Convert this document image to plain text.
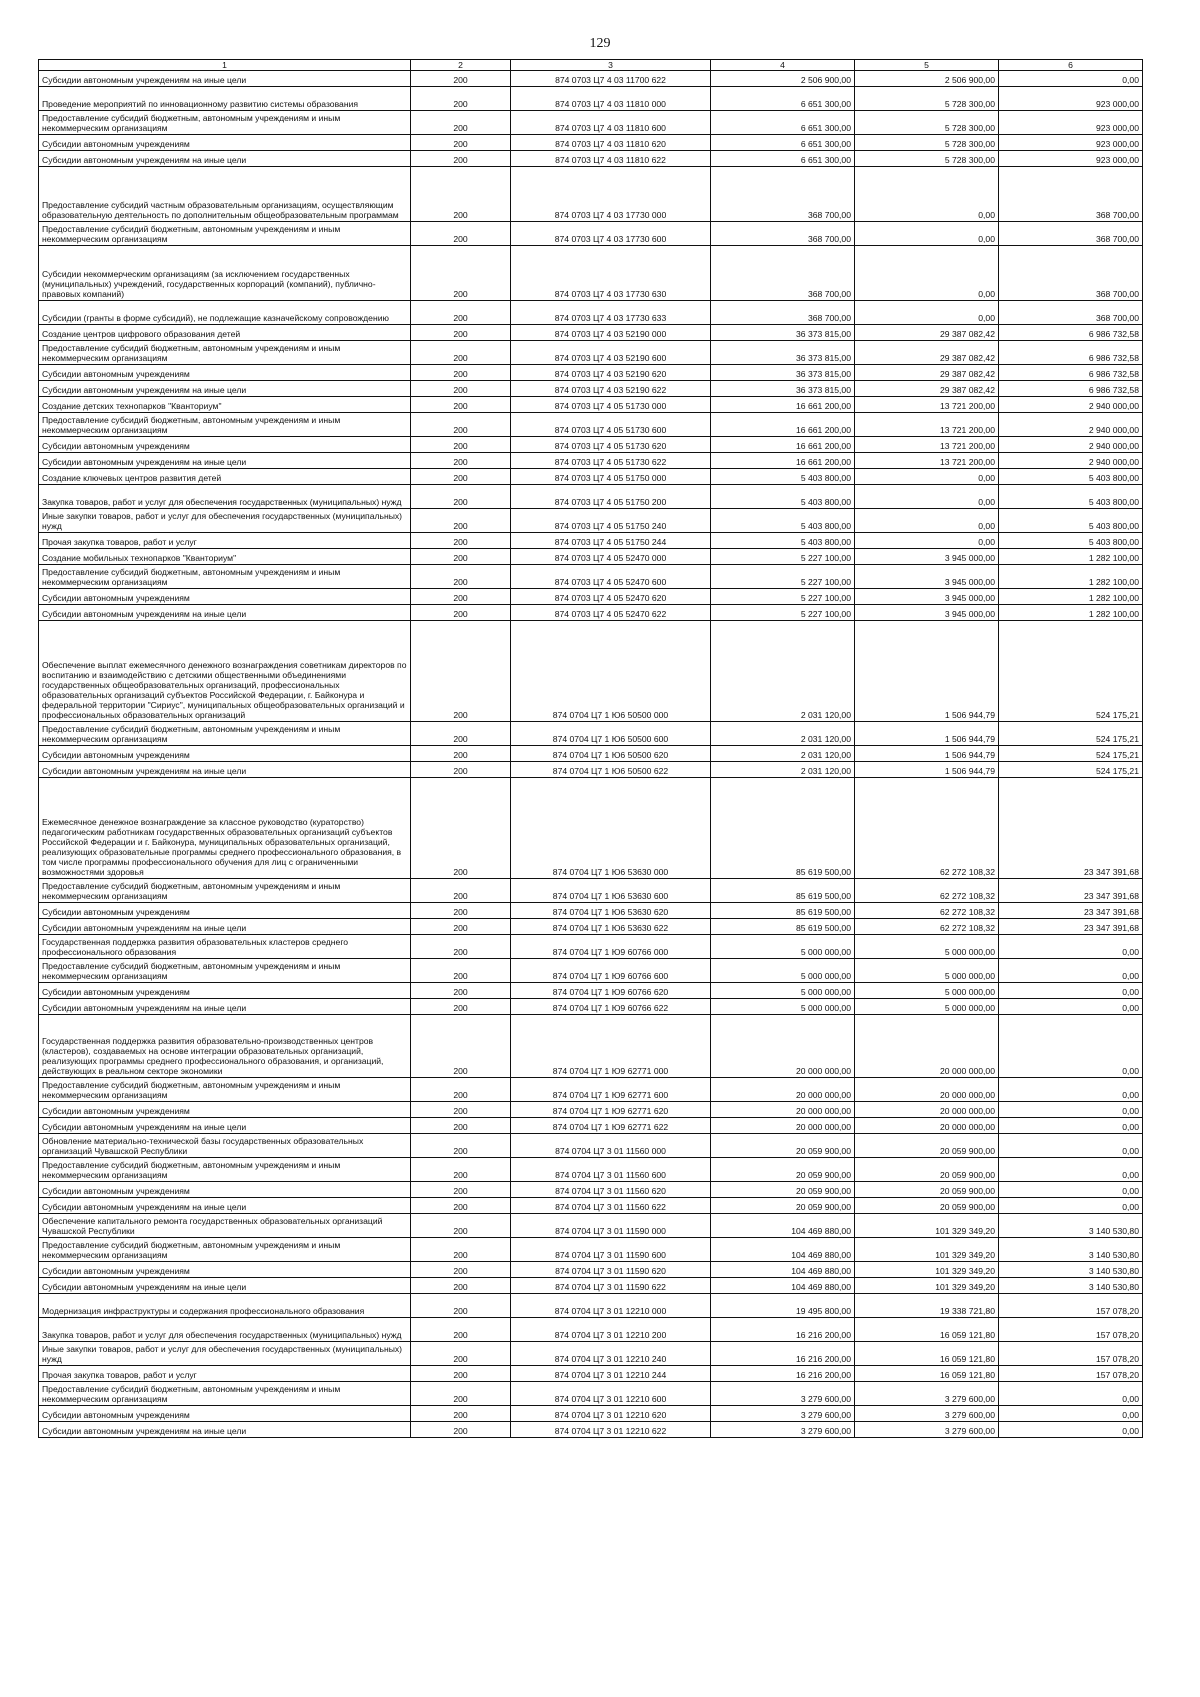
129
1	2	3	4	5	6
Субсидии автономным учреждениям на иные цели	200	874 0703 Ц7 4 03 11700 622	2 506 900,00	2 506 900,00	0,00
Проведение мероприятий по инновационному развитию системы образования	200	874 0703 Ц7 4 03 11810 000	6 651 300,00	5 728 300,00	923 000,00
Предоставление субсидий бюджетным, автономным учреждениям и иным некоммерческим организациям	200	874 0703 Ц7 4 03 11810 600	6 651 300,00	5 728 300,00	923 000,00
Субсидии автономным учреждениям	200	874 0703 Ц7 4 03 11810 620	6 651 300,00	5 728 300,00	923 000,00
Субсидии автономным учреждениям на иные цели	200	874 0703 Ц7 4 03 11810 622	6 651 300,00	5 728 300,00	923 000,00
Предоставление субсидий частным образовательным организациям, осуществляющим образовательную деятельность по дополнительным общеобразовательным программам	200	874 0703 Ц7 4 03 17730 000	368 700,00	0,00	368 700,00
Предоставление субсидий бюджетным, автономным учреждениям и иным некоммерческим организациям	200	874 0703 Ц7 4 03 17730 600	368 700,00	0,00	368 700,00
Субсидии некоммерческим организациям (за исключением государственных (муниципальных) учреждений, государственных корпораций (компаний), публично-правовых компаний)	200	874 0703 Ц7 4 03 17730 630	368 700,00	0,00	368 700,00
Субсидии (гранты в форме субсидий), не подлежащие казначейскому сопровождению	200	874 0703 Ц7 4 03 17730 633	368 700,00	0,00	368 700,00
Создание центров цифрового образования детей	200	874 0703 Ц7 4 03 52190 000	36 373 815,00	29 387 082,42	6 986 732,58
Предоставление субсидий бюджетным, автономным учреждениям и иным некоммерческим организациям	200	874 0703 Ц7 4 03 52190 600	36 373 815,00	29 387 082,42	6 986 732,58
Субсидии автономным учреждениям	200	874 0703 Ц7 4 03 52190 620	36 373 815,00	29 387 082,42	6 986 732,58
Субсидии автономным учреждениям на иные цели	200	874 0703 Ц7 4 03 52190 622	36 373 815,00	29 387 082,42	6 986 732,58
Создание детских технопарков "Кванториум"	200	874 0703 Ц7 4 05 51730 000	16 661 200,00	13 721 200,00	2 940 000,00
Предоставление субсидий бюджетным, автономным учреждениям и иным некоммерческим организациям	200	874 0703 Ц7 4 05 51730 600	16 661 200,00	13 721 200,00	2 940 000,00
Субсидии автономным учреждениям	200	874 0703 Ц7 4 05 51730 620	16 661 200,00	13 721 200,00	2 940 000,00
Субсидии автономным учреждениям на иные цели	200	874 0703 Ц7 4 05 51730 622	16 661 200,00	13 721 200,00	2 940 000,00
Создание ключевых центров развития детей	200	874 0703 Ц7 4 05 51750 000	5 403 800,00	0,00	5 403 800,00
Закупка товаров, работ и услуг для обеспечения государственных (муниципальных) нужд	200	874 0703 Ц7 4 05 51750 200	5 403 800,00	0,00	5 403 800,00
Иные закупки товаров, работ и услуг для обеспечения государственных (муниципальных) нужд	200	874 0703 Ц7 4 05 51750 240	5 403 800,00	0,00	5 403 800,00
Прочая закупка товаров, работ и услуг	200	874 0703 Ц7 4 05 51750 244	5 403 800,00	0,00	5 403 800,00
Создание мобильных технопарков "Кванториум"	200	874 0703 Ц7 4 05 52470 000	5 227 100,00	3 945 000,00	1 282 100,00
Предоставление субсидий бюджетным, автономным учреждениям и иным некоммерческим организациям	200	874 0703 Ц7 4 05 52470 600	5 227 100,00	3 945 000,00	1 282 100,00
Субсидии автономным учреждениям	200	874 0703 Ц7 4 05 52470 620	5 227 100,00	3 945 000,00	1 282 100,00
Субсидии автономным учреждениям на иные цели	200	874 0703 Ц7 4 05 52470 622	5 227 100,00	3 945 000,00	1 282 100,00
Обеспечение выплат ежемесячного денежного вознаграждения советникам директоров по воспитанию и взаимодействию с детскими общественными объединениями государственных общеобразовательных организаций, профессиональных образовательных организаций субъектов Российской Федерации, г. Байконура и федеральной территории "Сириус", муниципальных общеобразовательных организаций и профессиональных образовательных организаций	200	874 0704 Ц7 1 Ю6 50500 000	2 031 120,00	1 506 944,79	524 175,21
Предоставление субсидий бюджетным, автономным учреждениям и иным некоммерческим организациям	200	874 0704 Ц7 1 Ю6 50500 600	2 031 120,00	1 506 944,79	524 175,21
Субсидии автономным учреждениям	200	874 0704 Ц7 1 Ю6 50500 620	2 031 120,00	1 506 944,79	524 175,21
Субсидии автономным учреждениям на иные цели	200	874 0704 Ц7 1 Ю6 50500 622	2 031 120,00	1 506 944,79	524 175,21
Ежемесячное денежное вознаграждение за классное руководство (кураторство) педагогическим работникам государственных образовательных организаций субъектов Российской Федерации и г. Байконура, муниципальных образовательных организаций, реализующих образовательные программы среднего профессионального образования, в том числе программы профессионального обучения для лиц с ограниченными возможностями здоровья	200	874 0704 Ц7 1 Ю6 53630 000	85 619 500,00	62 272 108,32	23 347 391,68
Предоставление субсидий бюджетным, автономным учреждениям и иным некоммерческим организациям	200	874 0704 Ц7 1 Ю6 53630 600	85 619 500,00	62 272 108,32	23 347 391,68
Субсидии автономным учреждениям	200	874 0704 Ц7 1 Ю6 53630 620	85 619 500,00	62 272 108,32	23 347 391,68
Субсидии автономным учреждениям на иные цели	200	874 0704 Ц7 1 Ю6 53630 622	85 619 500,00	62 272 108,32	23 347 391,68
Государственная поддержка развития образовательных кластеров среднего профессионального образования	200	874 0704 Ц7 1 Ю9 60766 000	5 000 000,00	5 000 000,00	0,00
Предоставление субсидий бюджетным, автономным учреждениям и иным некоммерческим организациям	200	874 0704 Ц7 1 Ю9 60766 600	5 000 000,00	5 000 000,00	0,00
Субсидии автономным учреждениям	200	874 0704 Ц7 1 Ю9 60766 620	5 000 000,00	5 000 000,00	0,00
Субсидии автономным учреждениям на иные цели	200	874 0704 Ц7 1 Ю9 60766 622	5 000 000,00	5 000 000,00	0,00
Государственная поддержка развития образовательно-производственных центров (кластеров), создаваемых на основе интеграции образовательных организаций, реализующих программы среднего профессионального образования, и организаций, действующих в реальном секторе экономики	200	874 0704 Ц7 1 Ю9 62771 000	20 000 000,00	20 000 000,00	0,00
Предоставление субсидий бюджетным, автономным учреждениям и иным некоммерческим организациям	200	874 0704 Ц7 1 Ю9 62771 600	20 000 000,00	20 000 000,00	0,00
Субсидии автономным учреждениям	200	874 0704 Ц7 1 Ю9 62771 620	20 000 000,00	20 000 000,00	0,00
Субсидии автономным учреждениям на иные цели	200	874 0704 Ц7 1 Ю9 62771 622	20 000 000,00	20 000 000,00	0,00
Обновление материально-технической базы государственных образовательных организаций Чувашской Республики	200	874 0704 Ц7 3 01 11560 000	20 059 900,00	20 059 900,00	0,00
Предоставление субсидий бюджетным, автономным учреждениям и иным некоммерческим организациям	200	874 0704 Ц7 3 01 11560 600	20 059 900,00	20 059 900,00	0,00
Субсидии автономным учреждениям	200	874 0704 Ц7 3 01 11560 620	20 059 900,00	20 059 900,00	0,00
Субсидии автономным учреждениям на иные цели	200	874 0704 Ц7 3 01 11560 622	20 059 900,00	20 059 900,00	0,00
Обеспечение капитального ремонта государственных образовательных организаций Чувашской Республики	200	874 0704 Ц7 3 01 11590 000	104 469 880,00	101 329 349,20	3 140 530,80
Предоставление субсидий бюджетным, автономным учреждениям и иным некоммерческим организациям	200	874 0704 Ц7 3 01 11590 600	104 469 880,00	101 329 349,20	3 140 530,80
Субсидии автономным учреждениям	200	874 0704 Ц7 3 01 11590 620	104 469 880,00	101 329 349,20	3 140 530,80
Субсидии автономным учреждениям на иные цели	200	874 0704 Ц7 3 01 11590 622	104 469 880,00	101 329 349,20	3 140 530,80
Модернизация инфраструктуры и содержания профессионального образования	200	874 0704 Ц7 3 01 12210 000	19 495 800,00	19 338 721,80	157 078,20
Закупка товаров, работ и услуг для обеспечения государственных (муниципальных) нужд	200	874 0704 Ц7 3 01 12210 200	16 216 200,00	16 059 121,80	157 078,20
Иные закупки товаров, работ и услуг для обеспечения государственных (муниципальных) нужд	200	874 0704 Ц7 3 01 12210 240	16 216 200,00	16 059 121,80	157 078,20
Прочая закупка товаров, работ и услуг	200	874 0704 Ц7 3 01 12210 244	16 216 200,00	16 059 121,80	157 078,20
Предоставление субсидий бюджетным, автономным учреждениям и иным некоммерческим организациям	200	874 0704 Ц7 3 01 12210 600	3 279 600,00	3 279 600,00	0,00
Субсидии автономным учреждениям	200	874 0704 Ц7 3 01 12210 620	3 279 600,00	3 279 600,00	0,00
Субсидии автономным учреждениям на иные цели	200	874 0704 Ц7 3 01 12210 622	3 279 600,00	3 279 600,00	0,00
